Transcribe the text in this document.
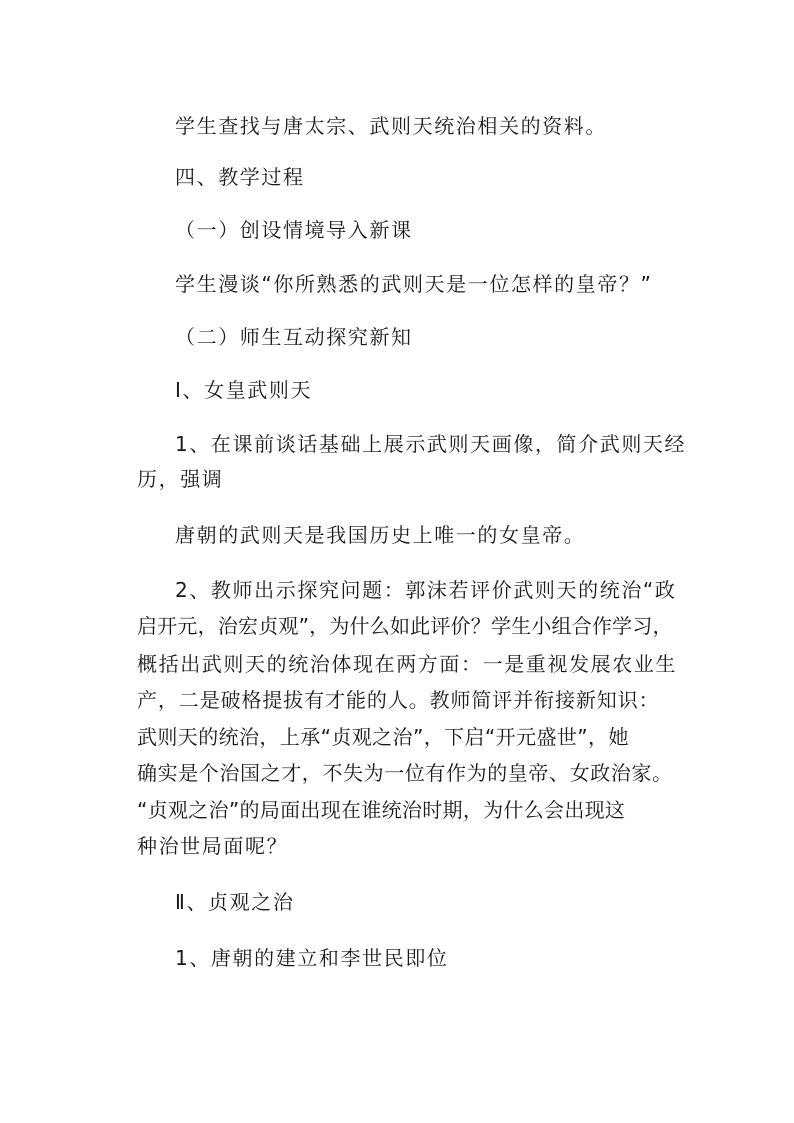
学生查找与唐太宗、武则天统治相关的资料。
四、教学过程
（一）创设情境导入新课
学生漫谈“你所熟悉的武则天是一位怎样的皇帝？”
（二）师生互动探究新知
Ⅰ、女皇武则天
1、在课前谈话基础上展示武则天画像，简介武则天经
历，强调
唐朝的武则天是我国历史上唯一的女皇帝。
2、教师出示探究问题：郭沫若评价武则天的统治“政
启开元，治宏贞观”，为什么如此评价？学生小组合作学习，
概括出武则天的统治体现在两方面：一是重视发展农业生
产，二是破格提拔有才能的人。教师简评并衔接新知识：
武则天的统治，上承“贞观之治”，下启“开元盛世”，她
确实是个治国之才，不失为一位有作为的皇帝、女政治家。
“贞观之治”的局面出现在谁统治时期，为什么会出现这
种治世局面呢？
Ⅱ、贞观之治
1、唐朝的建立和李世民即位
